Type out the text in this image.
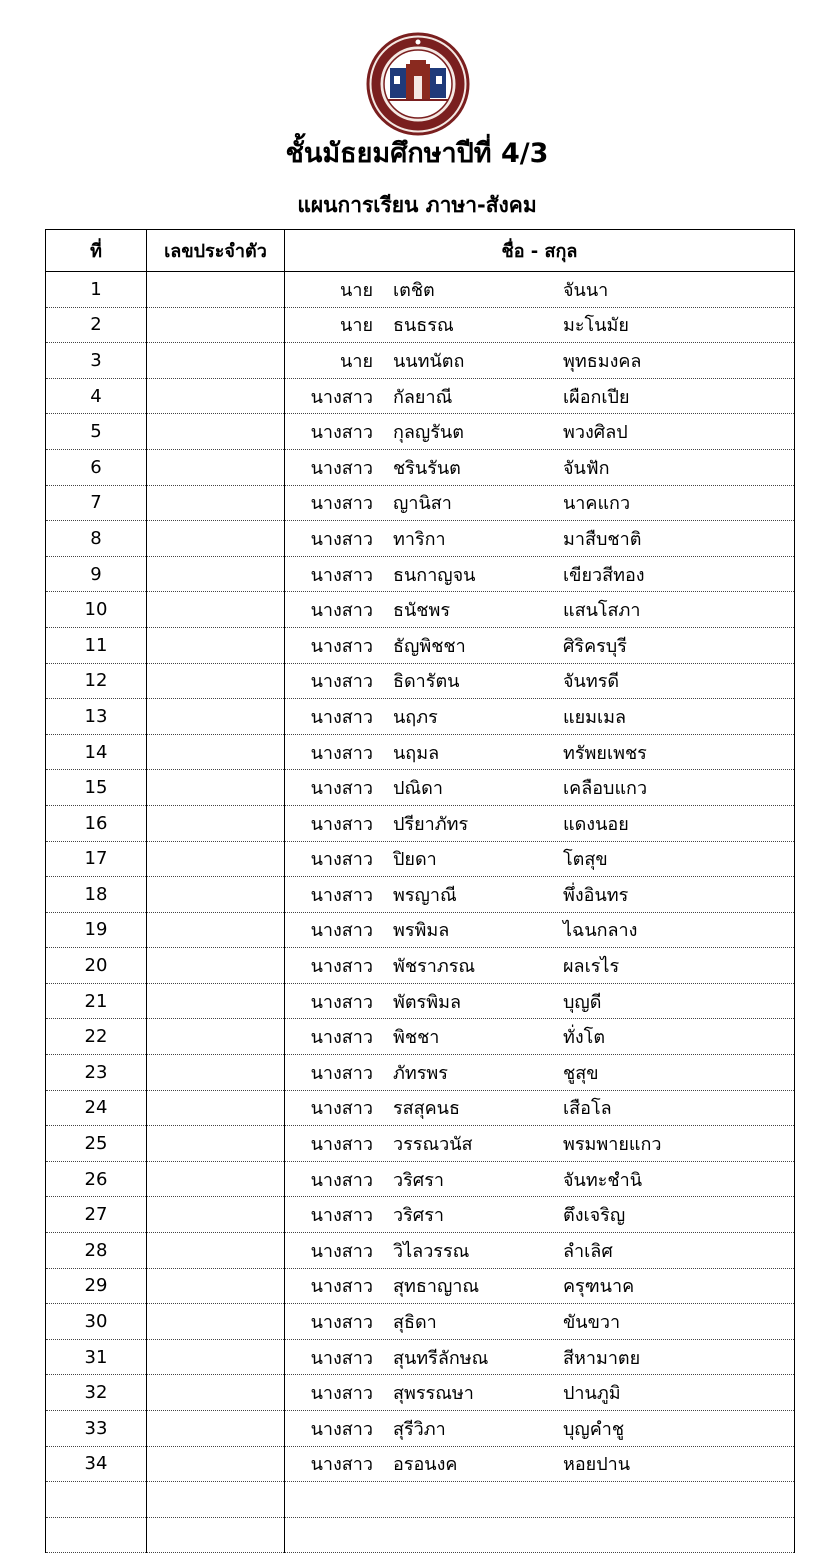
ชั้นมัธยมศึกษาปีที่ 4/3
แผนการเรียน ภาษา-สังคม
ที่	เลขประจำตัว	ชื่อ - สกุล
1		นาย เตชิต จันนา
2		นาย ธนธรณ มะโนมัย
3		นาย นนทนัตถ พุทธมงคล
4		นางสาว กัลยาณี เผือกเปีย
5		นางสาว กุลญรันต พวงศิลป
6		นางสาว ชรินรันต จันฟัก
7		นางสาว ญานิสา นาคแกว
8		นางสาว ทาริกา มาสืบชาติ
9		นางสาว ธนกาญจน เขียวสีทอง
10		นางสาว ธนัชพร แสนโสภา
11		นางสาว ธัญพิชชา ศิริครบุรี
12		นางสาว ธิดารัตน จันทรดี
13		นางสาว นฤภร แยมเมล
14		นางสาว นฤมล ทรัพยเพชร
15		นางสาว ปณิดา เคลือบแกว
16		นางสาว ปรียาภัทร แดงนอย
17		นางสาว ปิยดา โตสุข
18		นางสาว พรญาณี พึ่งอินทร
19		นางสาว พรพิมล ไฉนกลาง
20		นางสาว พัชราภรณ ผลเรไร
21		นางสาว พัตรพิมล บุญดี
22		นางสาว พิชชา ทั่งโต
23		นางสาว ภัทรพร ชูสุข
24		นางสาว รสสุคนธ เสือโล
25		นางสาว วรรณวนัส พรมพายแกว
26		นางสาว วริศรา จันทะชำนิ
27		นางสาว วริศรา ตึงเจริญ
28		นางสาว วิไลวรรณ ลำเลิศ
29		นางสาว สุทธาญาณ ครุฑนาค
30		นางสาว สุธิดา ขันขวา
31		นางสาว สุนทรีลักษณ สีหามาตย
32		นางสาว สุพรรณษา ปานภูมิ
33		นางสาว สุรีวิภา บุญคำชู
34		นางสาว อรอนงค หอยปาน
